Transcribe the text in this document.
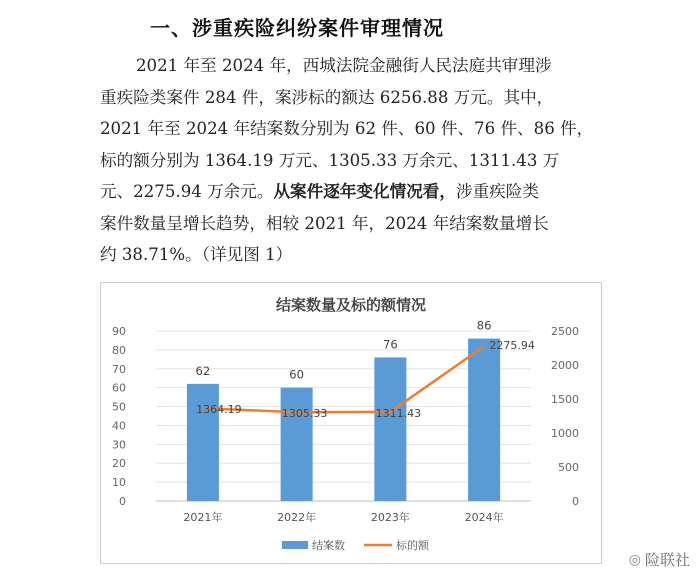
一、涉重疾险纠纷案件审理情况

2021 年至 2024 年，西城法院金融街人民法庭共审理涉

重疾险类案件 284 件，案涉标的额达 6256.88 万元。其中，

2021 年至 2024 年结案数分别为 62 件、60 件、76 件、86 件，

标的额分别为 1364.19 万元、1305.33 万余元、1311.43 万

元、2275.94 万余元。从案件逐年变化情况看，涉重疾险类

案件数量呈增长趋势，相较 2021 年，2024 年结案数量增长

约 38.71%。（详见图 1）

结案数量及标的额情况
0
10
20
30
40
50
60
70
80
90
0
500
1000
1500
2000
2500
62	60
76
86
1364.19	1305.33	1311.43
2275.94
2021年	2022年	2023年	2024年
结案数	标的额
◎ 险联社
